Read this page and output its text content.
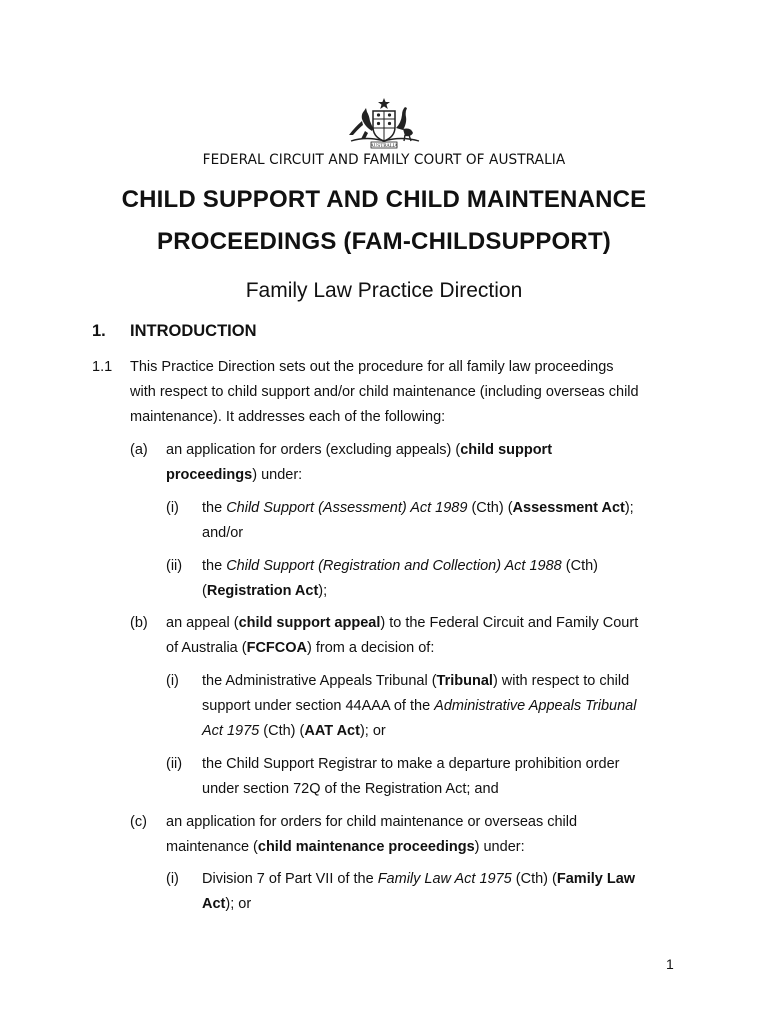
AUSTRALIA
FEDERAL CIRCUIT AND FAMILY COURT OF AUSTRALIA
CHILD SUPPORT AND CHILD MAINTENANCE
PROCEEDINGS (FAM-CHILDSUPPORT)
Family Law Practice Direction
1. INTRODUCTION
1.1 This Practice Direction sets out the procedure for all family law proceedings
with respect to child support and/or child maintenance (including overseas child
maintenance). It addresses each of the following:
(a) an application for orders (excluding appeals) (child support
proceedings) under:
(i) the Child Support (Assessment) Act 1989 (Cth) (Assessment Act);
and/or
(ii) the Child Support (Registration and Collection) Act 1988 (Cth)
(Registration Act);
(b) an appeal (child support appeal) to the Federal Circuit and Family Court
of Australia (FCFCOA) from a decision of:
(i) the Administrative Appeals Tribunal (Tribunal) with respect to child
support under section 44AAA of the Administrative Appeals Tribunal
Act 1975 (Cth) (AAT Act); or
(ii) the Child Support Registrar to make a departure prohibition order
under section 72Q of the Registration Act; and
(c) an application for orders for child maintenance or overseas child
maintenance (child maintenance proceedings) under:
(i) Division 7 of Part VII of the Family Law Act 1975 (Cth) (Family Law
Act); or
1
